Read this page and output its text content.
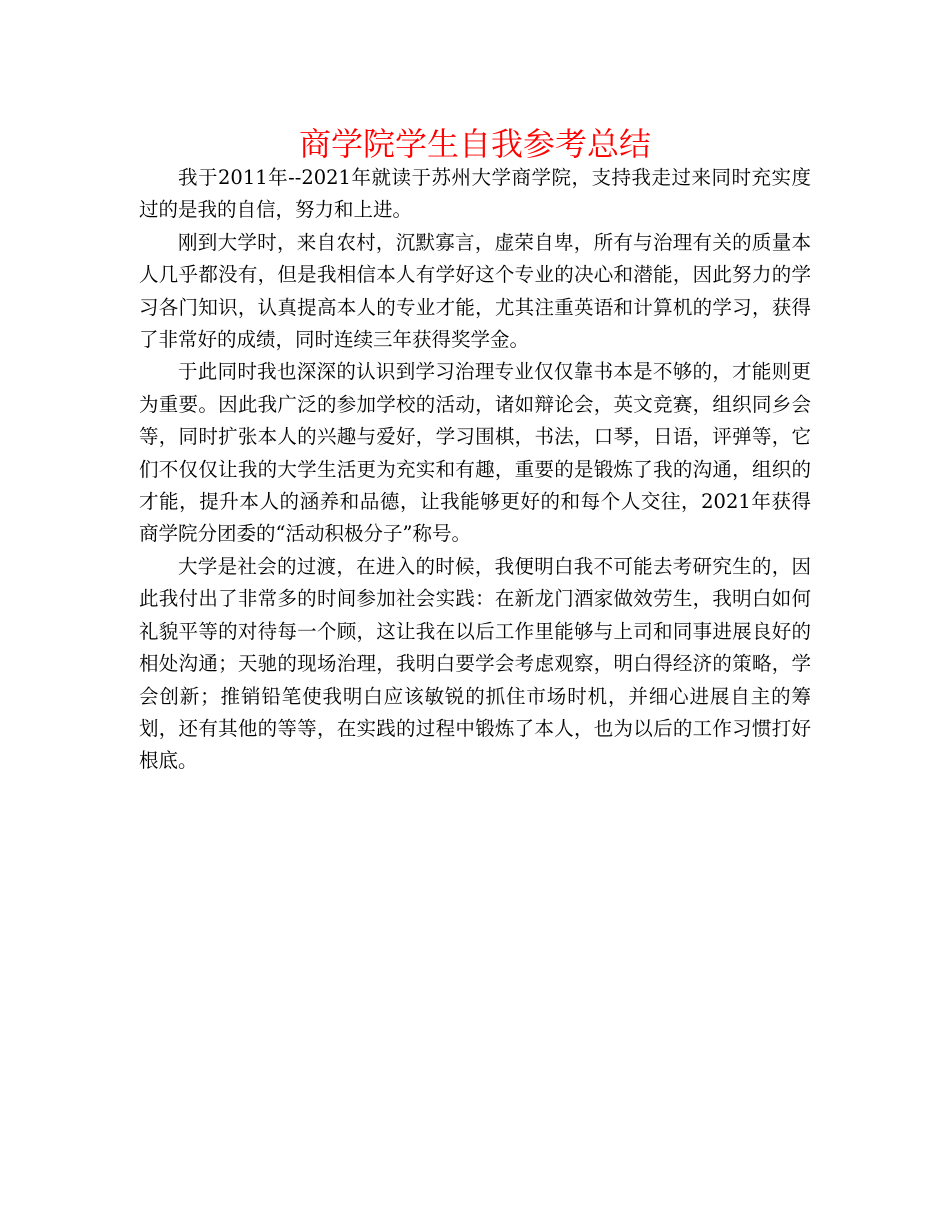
商学院学生自我参考总结

我于2011年--2021年就读于苏州大学商学院，支持我走过来同时充实度过的是我的自信，努力和上进。

刚到大学时，来自农村，沉默寡言，虚荣自卑，所有与治理有关的质量本人几乎都没有，但是我相信本人有学好这个专业的决心和潜能，因此努力的学习各门知识，认真提高本人的专业才能，尤其注重英语和计算机的学习，获得了非常好的成绩，同时连续三年获得奖学金。

于此同时我也深深的认识到学习治理专业仅仅靠书本是不够的，才能则更为重要。因此我广泛的参加学校的活动，诸如辩论会，英文竞赛，组织同乡会等，同时扩张本人的兴趣与爱好，学习围棋，书法，口琴，日语，评弹等，它们不仅仅让我的大学生活更为充实和有趣，重要的是锻炼了我的沟通，组织的才能，提升本人的涵养和品德，让我能够更好的和每个人交往，2021年获得商学院分团委的“活动积极分子”称号。

大学是社会的过渡，在进入的时候，我便明白我不可能去考研究生的，因此我付出了非常多的时间参加社会实践：在新龙门酒家做效劳生，我明白如何礼貌平等的对待每一个顾，这让我在以后工作里能够与上司和同事进展良好的相处沟通；天驰的现场治理，我明白要学会考虑观察，明白得经济的策略，学会创新；推销铅笔使我明白应该敏锐的抓住市场时机，并细心进展自主的筹划，还有其他的等等，在实践的过程中锻炼了本人，也为以后的工作习惯打好根底。
